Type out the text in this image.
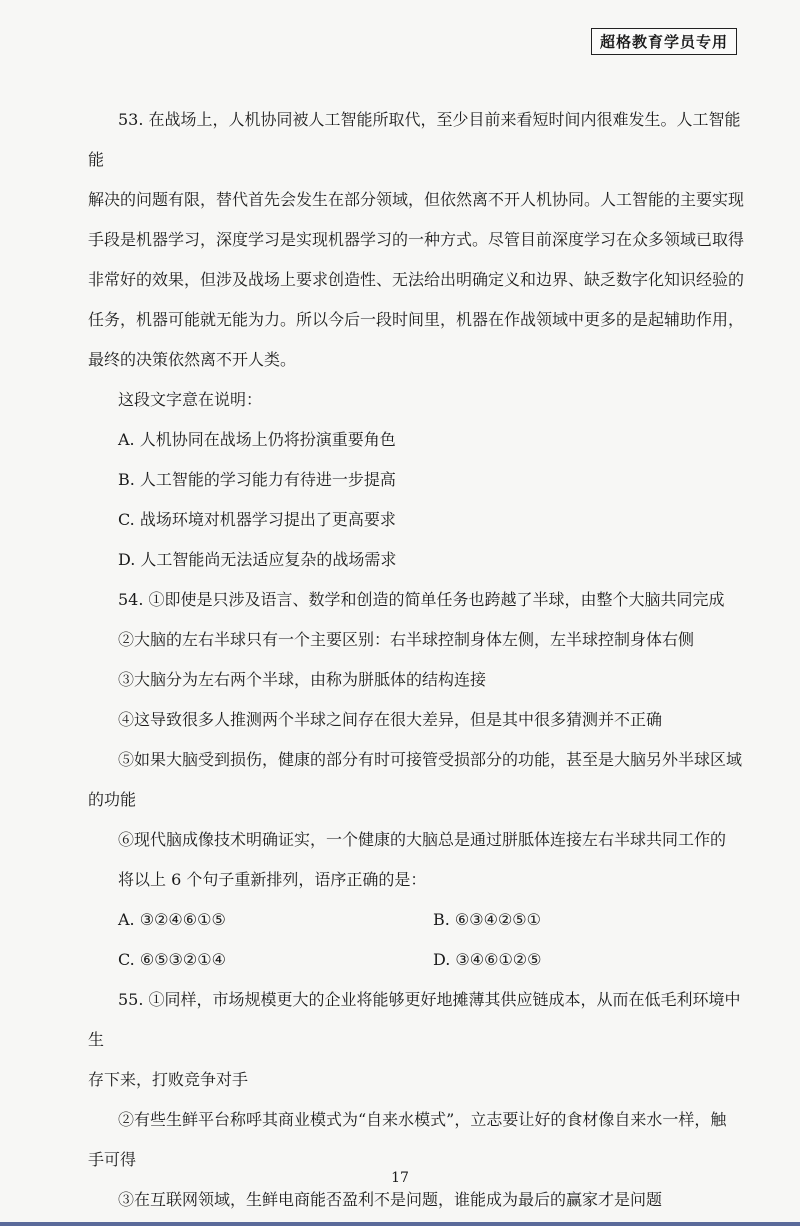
超格教育学员专用

53. 在战场上，人机协同被人工智能所取代，至少目前来看短时间内很难发生。人工智能能

解决的问题有限，替代首先会发生在部分领域，但依然离不开人机协同。人工智能的主要实现

手段是机器学习，深度学习是实现机器学习的一种方式。尽管目前深度学习在众多领域已取得

非常好的效果，但涉及战场上要求创造性、无法给出明确定义和边界、缺乏数字化知识经验的

任务，机器可能就无能为力。所以今后一段时间里，机器在作战领域中更多的是起辅助作用，

最终的决策依然离不开人类。

这段文字意在说明：

A. 人机协同在战场上仍将扮演重要角色

B. 人工智能的学习能力有待进一步提高

C. 战场环境对机器学习提出了更高要求

D. 人工智能尚无法适应复杂的战场需求

54. ①即使是只涉及语言、数学和创造的简单任务也跨越了半球，由整个大脑共同完成

②大脑的左右半球只有一个主要区别：右半球控制身体左侧，左半球控制身体右侧

③大脑分为左右两个半球，由称为胼胝体的结构连接

④这导致很多人推测两个半球之间存在很大差异，但是其中很多猜测并不正确

⑤如果大脑受到损伤，健康的部分有时可接管受损部分的功能，甚至是大脑另外半球区域

的功能

⑥现代脑成像技术明确证实，一个健康的大脑总是通过胼胝体连接左右半球共同工作的

将以上 6 个句子重新排列，语序正确的是：

A. ③②④⑥①⑤	B. ⑥③④②⑤①
C. ⑥⑤③②①④	D. ③④⑥①②⑤

55. ①同样，市场规模更大的企业将能够更好地摊薄其供应链成本，从而在低毛利环境中生

存下来，打败竞争对手

②有些生鲜平台称呼其商业模式为“自来水模式”，立志要让好的食材像自来水一样，触

手可得

③在互联网领域，生鲜电商能否盈利不是问题，谁能成为最后的赢家才是问题

17
